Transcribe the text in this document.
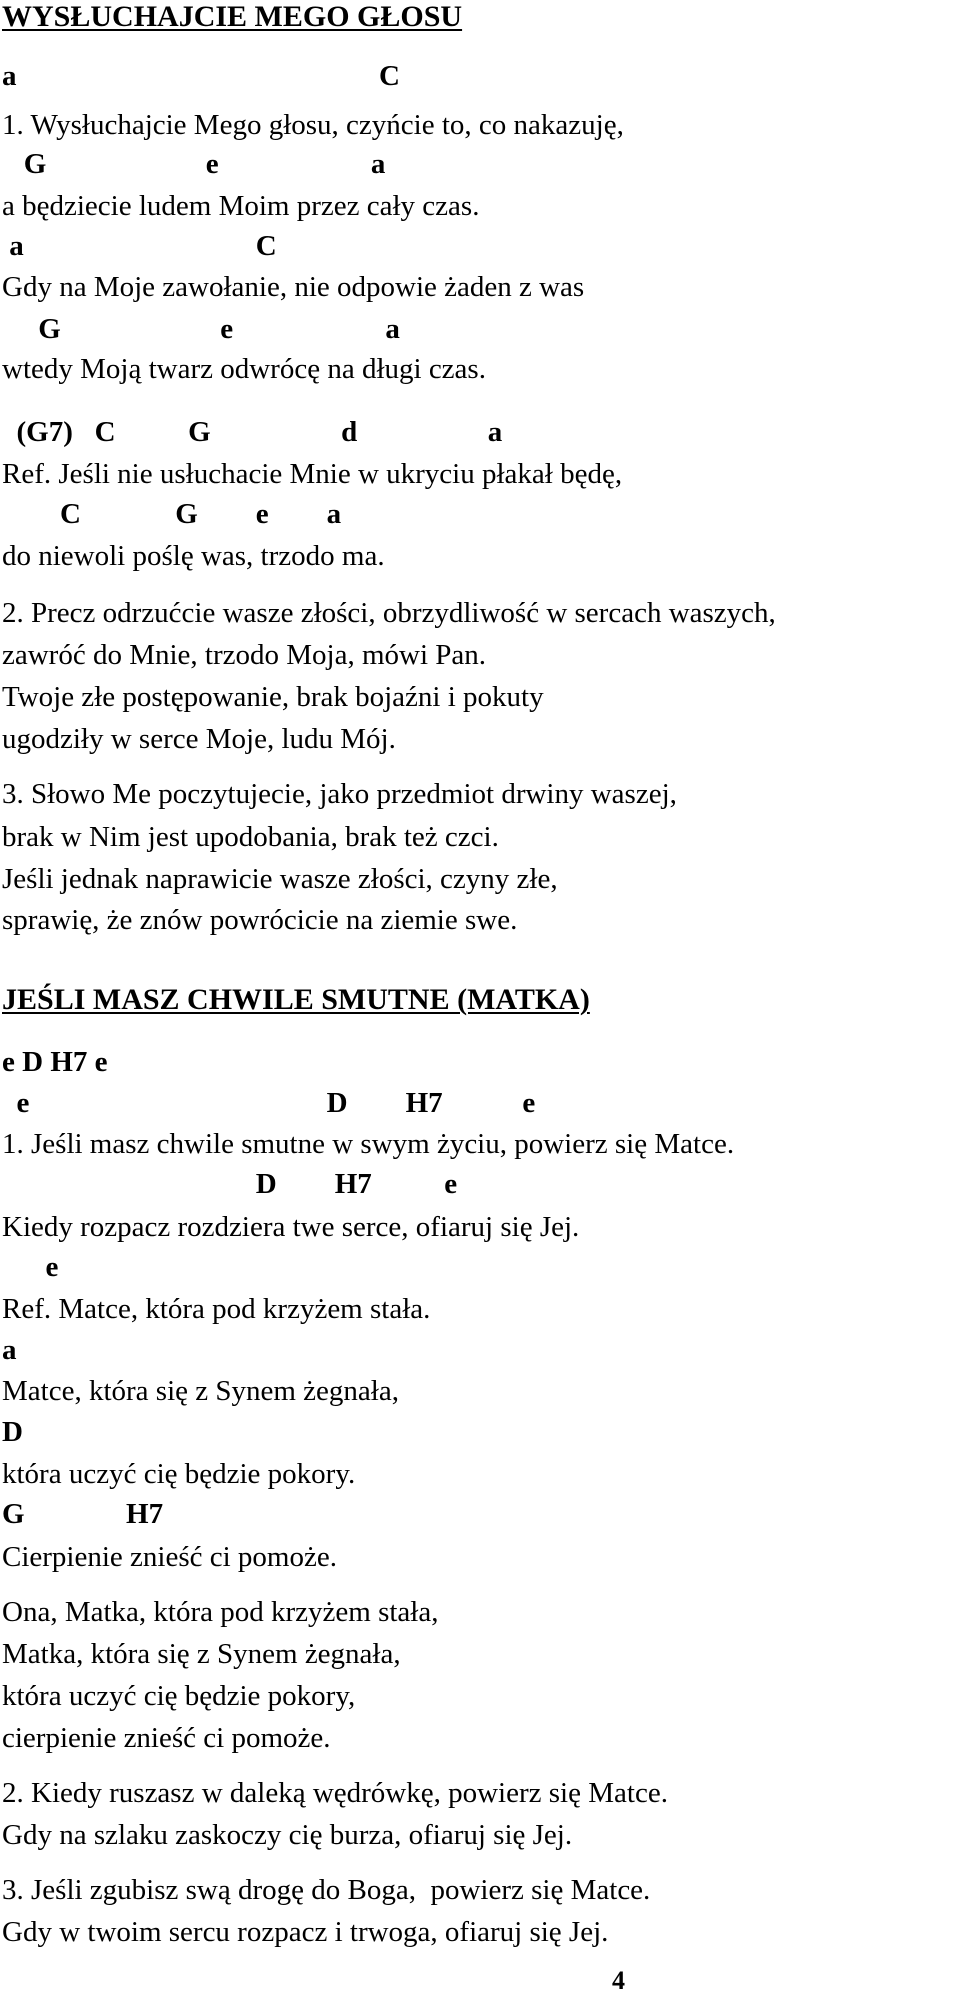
WYSŁUCHAJCIE MEGO GŁOSU
a                                                  C
1. Wysłuchajcie Mego głosu, czyńcie to, co nakazuję,
G                      e                     a
a będziecie ludem Moim przez cały czas.
a                                C
Gdy na Moje zawołanie, nie odpowie żaden z was
G                      e                     a
wtedy Moją twarz odwrócę na długi czas.
(G7)   C          G                  d                  a
Ref. Jeśli nie usłuchacie Mnie w ukryciu płakał będę,
C             G        e        a
do niewoli poślę was, trzodo ma.
2. Precz odrzućcie wasze złości, obrzydliwość w sercach waszych,
zawróć do Mnie, trzodo Moja, mówi Pan.
Twoje złe postępowanie, brak bojaźni i pokuty
ugodziły w serce Moje, ludu Mój.
3. Słowo Me poczytujecie, jako przedmiot drwiny waszej,
brak w Nim jest upodobania, brak też czci.
Jeśli jednak naprawicie wasze złości, czyny złe,
sprawię, że znów powrócicie na ziemie swe.
JEŚLI MASZ CHWILE SMUTNE (MATKA)
e D H7 e
e                                         D        H7           e
1. Jeśli masz chwile smutne w swym życiu, powierz się Matce.
D        H7          e
Kiedy rozpacz rozdziera twe serce, ofiaruj się Jej.
e
Ref. Matce, która pod krzyżem stała.
a
Matce, która się z Synem żegnała,
D
która uczyć cię będzie pokory.
G              H7
Cierpienie znieść ci pomoże.
Ona, Matka, która pod krzyżem stała,
Matka, która się z Synem żegnała,
która uczyć cię będzie pokory,
cierpienie znieść ci pomoże.
2. Kiedy ruszasz w daleką wędrówkę, powierz się Matce.
Gdy na szlaku zaskoczy cię burza, ofiaruj się Jej.
3. Jeśli zgubisz swą drogę do Boga,  powierz się Matce.
Gdy w twoim sercu rozpacz i trwoga, ofiaruj się Jej.
4
